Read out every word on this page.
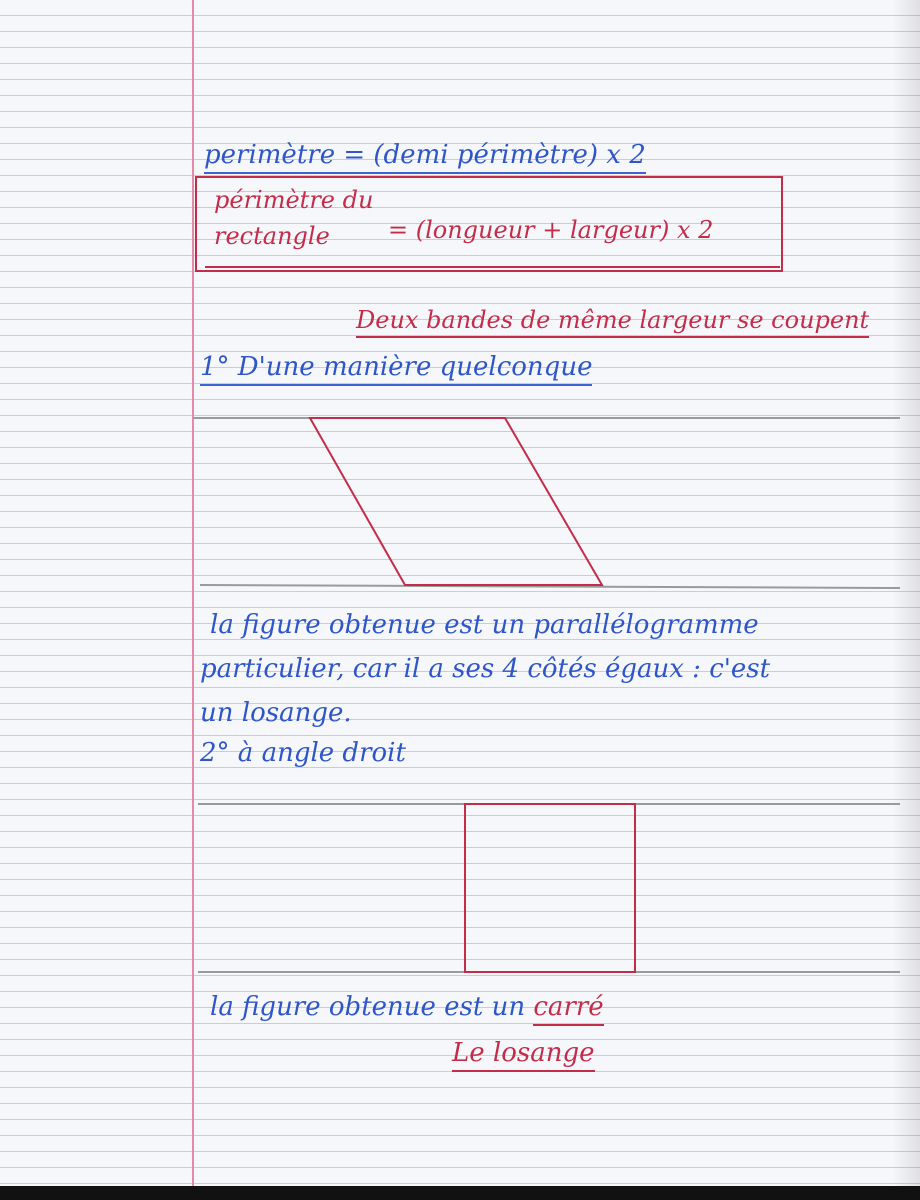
perimètre = (demi périmètre) x 2
périmètre du
rectangle = (longueur + largeur) x 2
Deux bandes de même largeur se coupent
1° D'une manière quelconque
la figure obtenue est un parallélogramme
particulier, car il a ses 4 côtés égaux : c'est
un losange.
2° à angle droit
la figure obtenue est un carré
Le losange
